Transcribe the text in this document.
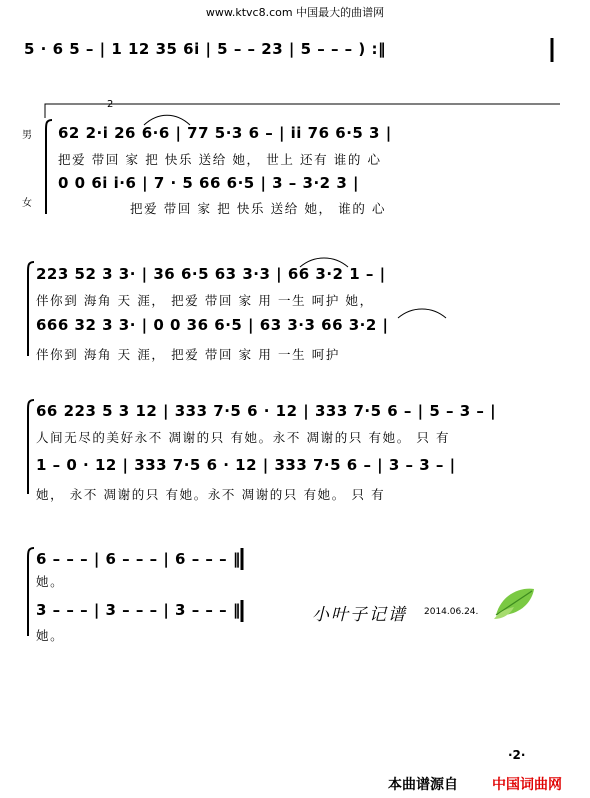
www.ktvc8.com 中国最大的曲谱网
5 · 6 5 – | 1 12 35 6i | 5 – – 23 | 5 – – – ) :‖
2
男
女
62 2·i 26 6·6 | 77 5·3 6 – | ii 76 6·5 3 |
把爱 带回 家 把 快乐 送给 她， 世上 还有 谁的 心
0 0 6i i·6 | 7 · 5 66 6·5 | 3 – 3·2 3 |
把爱 带回 家 把 快乐 送给 她， 谁的 心
223 52 3 3· | 36 6·5 63 3·3 | 66 3·2 1 – |
伴你到 海角 天 涯， 把爱 带回 家 用 一生 呵护 她，
666 32 3 3· | 0 0 36 6·5 | 63 3·3 66 3·2 |
伴你到 海角 天 涯， 把爱 带回 家 用 一生 呵护
66 223 5 3 12 | 333 7·5 6 · 12 | 333 7·5 6 – | 5 – 3 – |
人间无尽的美好永不 凋谢的只 有她。永不 凋谢的只 有她。 只 有
1 – 0 · 12 | 333 7·5 6 · 12 | 333 7·5 6 – | 3 – 3 – |
她， 永不 凋谢的只 有她。永不 凋谢的只 有她。 只 有
6 – – – | 6 – – – | 6 – – – ‖
她。
3 – – – | 3 – – – | 3 – – – ‖
她。
小叶子记谱 2014.06.24.
·2·
本曲谱源自 中国词曲网
